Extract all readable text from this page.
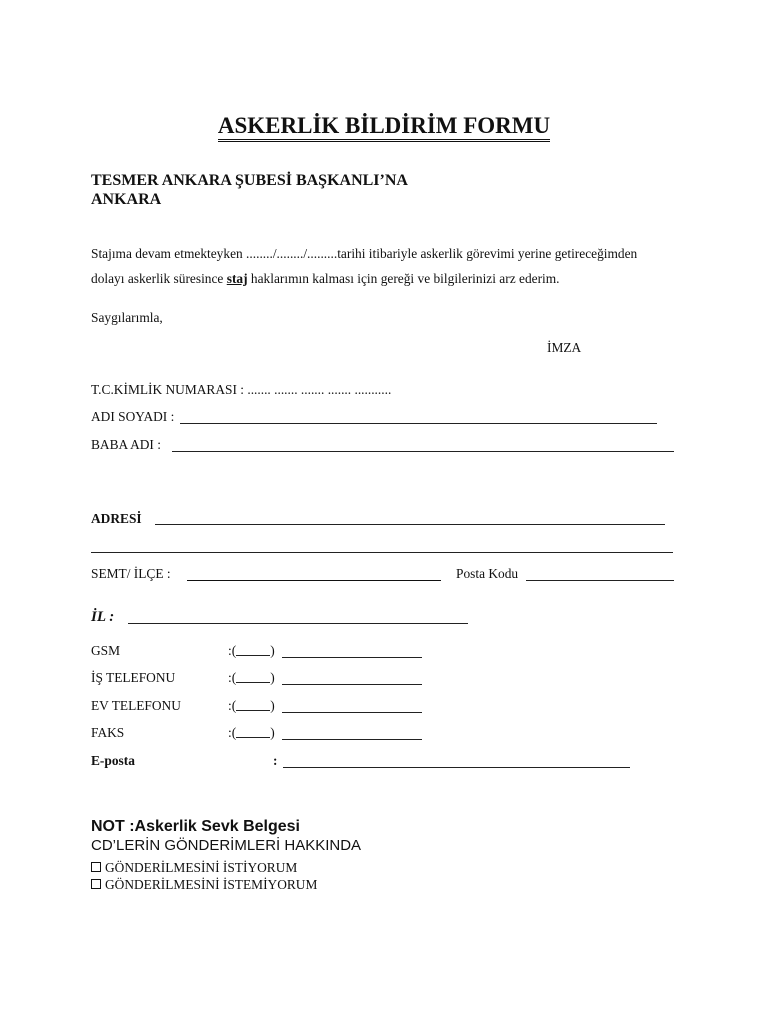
ASKERLİK BİLDİRİM FORMU
TESMER ANKARA ŞUBESİ BAŞKANLI’NA
ANKARA
Stajıma devam etmekteyken ......../......../.........tarihi itibariyle askerlik görevimi yerine getireceğimden
dolayı askerlik süresince staj haklarımın kalması için gereği ve bilgilerinizi arz ederim.
Saygılarımla,
İMZA
T.C.KİMLİK NUMARASI : ....... ....... ....... ....... ...........
ADI SOYADI :
BABA ADI :
ADRESİ
SEMT/ İLÇE :	Posta Kodu
İL :
GSM	:(	)
İŞ TELEFONU	:(	)
EV TELEFONU	:(	)
FAKS	:(	)
E-posta	:
NOT :Askerlik Sevk Belgesi
CD’LERİN GÖNDERİMLERİ HAKKINDA
GÖNDERİLMESİNİ İSTİYORUM
GÖNDERİLMESİNİ İSTEMİYORUM
